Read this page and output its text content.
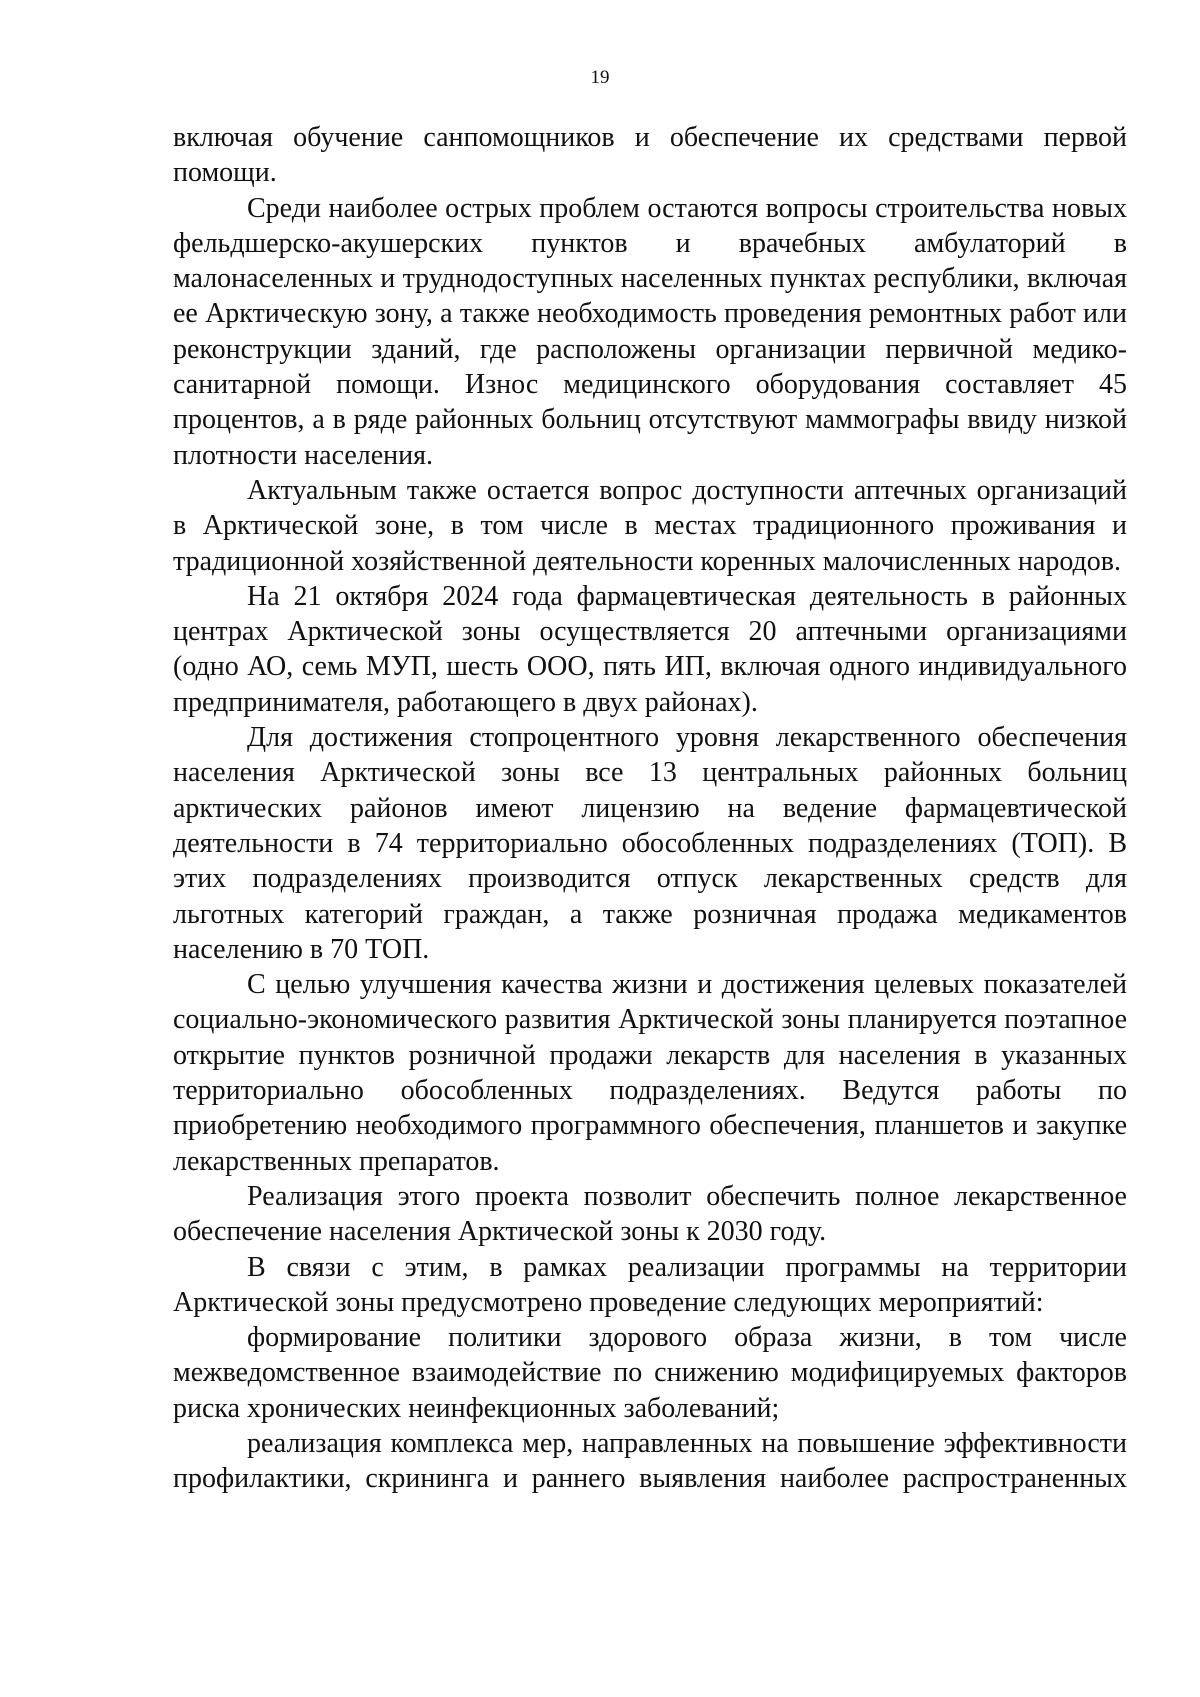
19

включая обучение санпомощников и обеспечение их средствами первой помощи.

Среди наиболее острых проблем остаются вопросы строительства новых фельдшерско-акушерских пунктов и врачебных амбулаторий в малонаселенных и труднодоступных населенных пунктах республики, включая ее Арктическую зону, а также необходимость проведения ремонтных работ или реконструкции зданий, где расположены организации первичной медико-санитарной помощи. Износ медицинского оборудования составляет 45 процентов, а в ряде районных больниц отсутствуют маммографы ввиду низкой плотности населения.

Актуальным также остается вопрос доступности аптечных организаций в Арктической зоне, в том числе в местах традиционного проживания и традиционной хозяйственной деятельности коренных малочисленных народов.

На 21 октября 2024 года фармацевтическая деятельность в районных центрах Арктической зоны осуществляется 20 аптечными организациями (одно АО, семь МУП, шесть ООО, пять ИП, включая одного индивидуального предпринимателя, работающего в двух районах).

Для достижения стопроцентного уровня лекарственного обеспечения населения Арктической зоны все 13 центральных районных больниц арктических районов имеют лицензию на ведение фармацевтической деятельности в 74 территориально обособленных подразделениях (ТОП). В этих подразделениях производится отпуск лекарственных средств для льготных категорий граждан, а также розничная продажа медикаментов населению в 70 ТОП.

С целью улучшения качества жизни и достижения целевых показателей социально-экономического развития Арктической зоны планируется поэтапное открытие пунктов розничной продажи лекарств для населения в указанных территориально обособленных подразделениях. Ведутся работы по приобретению необходимого программного обеспечения, планшетов и закупке лекарственных препаратов.

Реализация этого проекта позволит обеспечить полное лекарственное обеспечение населения Арктической зоны к 2030 году.

В связи с этим, в рамках реализации программы на территории Арктической зоны предусмотрено проведение следующих мероприятий:

формирование политики здорового образа жизни, в том числе межведомственное взаимодействие по снижению модифицируемых факторов риска хронических неинфекционных заболеваний;

реализация комплекса мер, направленных на повышение эффективности профилактики, скрининга и раннего выявления наиболее распространенных
